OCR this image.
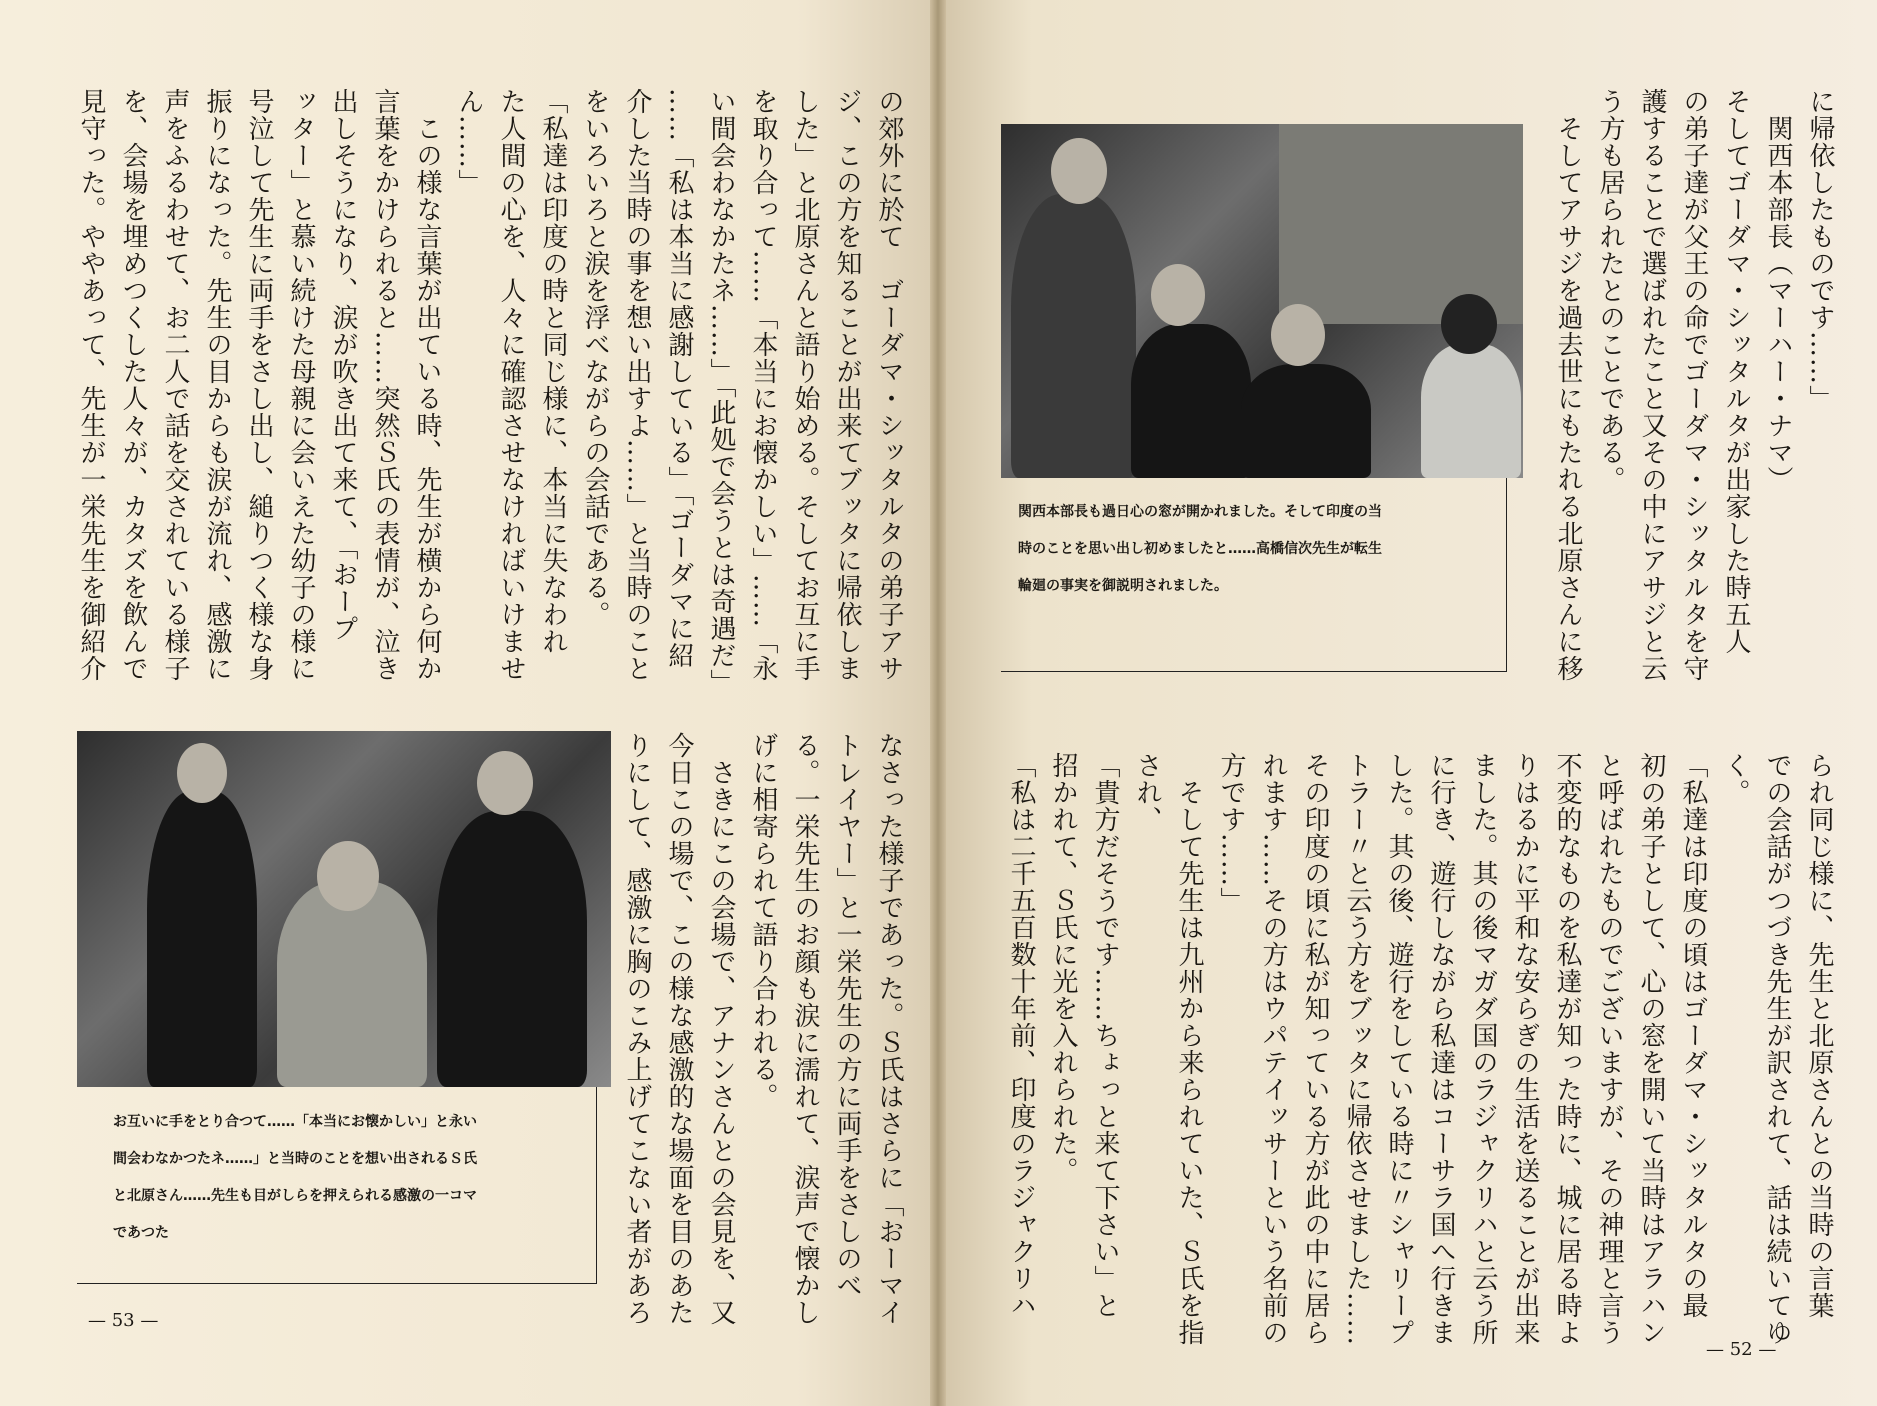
の郊外に於て　ゴーダマ・シッタルタの弟子アサ
ジ、この方を知ることが出来てブッタに帰依しま
した」と北原さんと語り始める。そしてお互に手
を取り合って……「本当にお懐かしい」……「永
い間会わなかたネ……」「此処で会うとは奇遇だ」
……「私は本当に感謝している」「ゴーダマに紹
介した当時の事を想い出すよ……」と当時のこと
をいろいろと涙を浮べながらの会話である。
「私達は印度の時と同じ様に、本当に失なわれ
た人間の心を、人々に確認させなければいけませ
ん……」
　この様な言葉が出ている時、先生が横から何か
言葉をかけられると……突然Ｓ氏の表情が、泣き
出しそうになり、涙が吹き出て来て、「おープ
ッター」と慕い続けた母親に会いえた幼子の様に
号泣して先生に両手をさし出し、縋りつく様な身
振りになった。先生の目からも涙が流れ、感激に
声をふるわせて、お二人で話を交されている様子
を、会場を埋めつくした人々が、カタズを飲んで
見守った。ややあって、先生が一栄先生を御紹介
お互いに手をとり合つて……「本当にお懐かしい」と永い
間会わなかつたネ……」と当時のことを想い出されるＳ氏
と北原さん……先生も目がしらを押えられる感激の一コマ
であつた	なさった様子であった。Ｓ氏はさらに「おーマイ
トレイヤー」と一栄先生の方に両手をさしのべ
る。一栄先生のお顔も涙に濡れて、涙声で懐かし
げに相寄られて語り合われる。
　さきにこの会場で、アナンさんとの会見を、又
今日この場で、この様な感激的な場面を目のあた
りにして、感激に胸のこみ上げてこない者があろ
— 53 —
関西本部長も過日心の窓が開かれました。そして印度の当
時のことを思い出し初めましたと……高橋信次先生が転生
輪廻の事実を御説明されました。
に帰依したものです……」
　関西本部長（マーハー・ナマ）
そしてゴーダマ・シッタルタが出家した時五人
の弟子達が父王の命でゴーダマ・シッタルタを守
護することで選ばれたこと又その中にアサジと云
う方も居られたとのことである。
　そしてアサジを過去世にもたれる北原さんに移
られ同じ様に、先生と北原さんとの当時の言葉
での会話がつづき先生が訳されて、話は続いてゆ
く。
「私達は印度の頃はゴーダマ・シッタルタの最
初の弟子として、心の窓を開いて当時はアラハン
と呼ばれたものでございますが、その神理と言う
不変的なものを私達が知った時に、城に居る時よ
りはるかに平和な安らぎの生活を送ることが出来
ました。其の後マガダ国のラジャクリハと云う所
に行き、遊行しながら私達はコーサラ国へ行きま
した。其の後、遊行をしている時に〃シャリープ
トラー〃と云う方をブッタに帰依させました……
その印度の頃に私が知っている方が此の中に居ら
れます……その方はウパテイッサーという名前の
方です……」
　そして先生は九州から来られていた、Ｓ氏を指
され、
「貴方だそうです……ちょっと来て下さい」と
招かれて、Ｓ氏に光を入れられた。
「私は二千五百数十年前、印度のラジャクリハ
— 52 —
